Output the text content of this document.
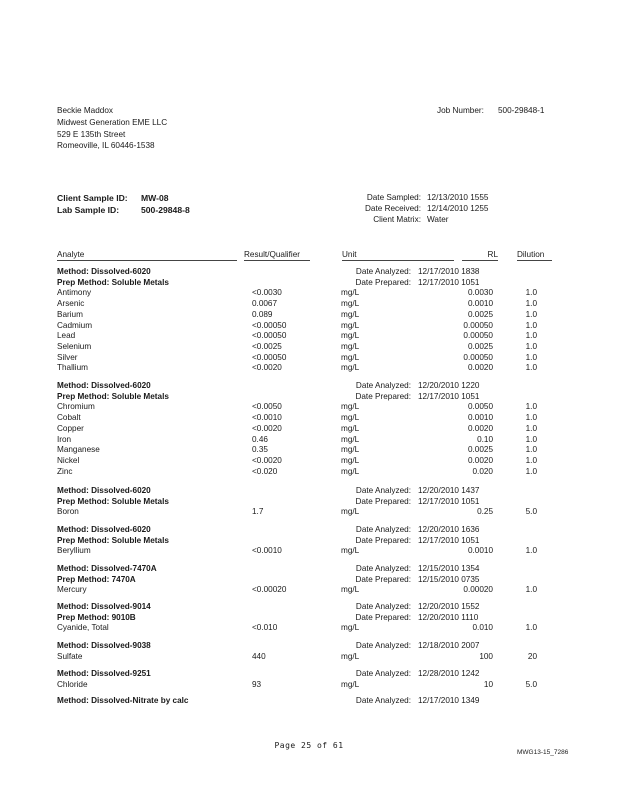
Beckie Maddox
Midwest Generation EME LLC
529 E 135th Street
Romeoville, IL 60446-1538
Job Number: 500-29848-1
Client Sample ID: MW-08
Lab Sample ID:	500-29848-8
Date Sampled: 12/13/2010 1555
Date Received: 12/14/2010 1255
Client Matrix: Water
Analyte	Result/Qualifier	Unit	RL Dilution
Method: Dissolved-6020	Date Analyzed: 12/17/2010 1838
Prep Method: Soluble Metals	Date Prepared: 12/17/2010 1051
Antimony	<0.0030	mg/L	0.0030	1.0
Arsenic	0.0067	mg/L	0.0010	1.0
Barium	0.089	mg/L	0.0025	1.0
Cadmium	<0.00050	mg/L	0.00050	1.0
Lead	<0.00050	mg/L	0.00050	1.0
Selenium	<0.0025	mg/L	0.0025	1.0
Silver	<0.00050	mg/L	0.00050	1.0
Thallium	<0.0020	mg/L	0.0020	1.0
Method: Dissolved-6020	Date Analyzed: 12/20/2010 1220
Prep Method: Soluble Metals	Date Prepared: 12/17/2010 1051
Chromium	<0.0050	mg/L	0.0050	1.0
Cobalt	<0.0010	mg/L	0.0010	1.0
Copper	<0.0020	mg/L	0.0020	1.0
Iron	0.46	mg/L	0.10	1.0
Manganese	0.35	mg/L	0.0025	1.0
Nickel	<0.0020	mg/L	0.0020	1.0
Zinc	<0.020	mg/L	0.020	1.0
Method: Dissolved-6020	Date Analyzed: 12/20/2010 1437
Prep Method: Soluble Metals	Date Prepared: 12/17/2010 1051
Boron	1.7	mg/L	0.25	5.0
Method: Dissolved-6020	Date Analyzed: 12/20/2010 1636
Prep Method: Soluble Metals	Date Prepared: 12/17/2010 1051
Beryllium	<0.0010	mg/L	0.0010	1.0
Method: Dissolved-7470A	Date Analyzed: 12/15/2010 1354
Prep Method: 7470A	Date Prepared: 12/15/2010 0735
Mercury	<0.00020	mg/L	0.00020	1.0
Method: Dissolved-9014	Date Analyzed: 12/20/2010 1552
Prep Method: 9010B	Date Prepared: 12/20/2010 1110
Cyanide, Total	<0.010	mg/L	0.010	1.0
Method: Dissolved-9038	Date Analyzed: 12/18/2010 2007
Sulfate	440	mg/L	100	20
Method: Dissolved-9251	Date Analyzed: 12/28/2010 1242
Chloride	93	mg/L	10	5.0
Method: Dissolved-Nitrate by calc	Date Analyzed: 12/17/2010 1349
Page 25 of 61
MWG13-15_7286
